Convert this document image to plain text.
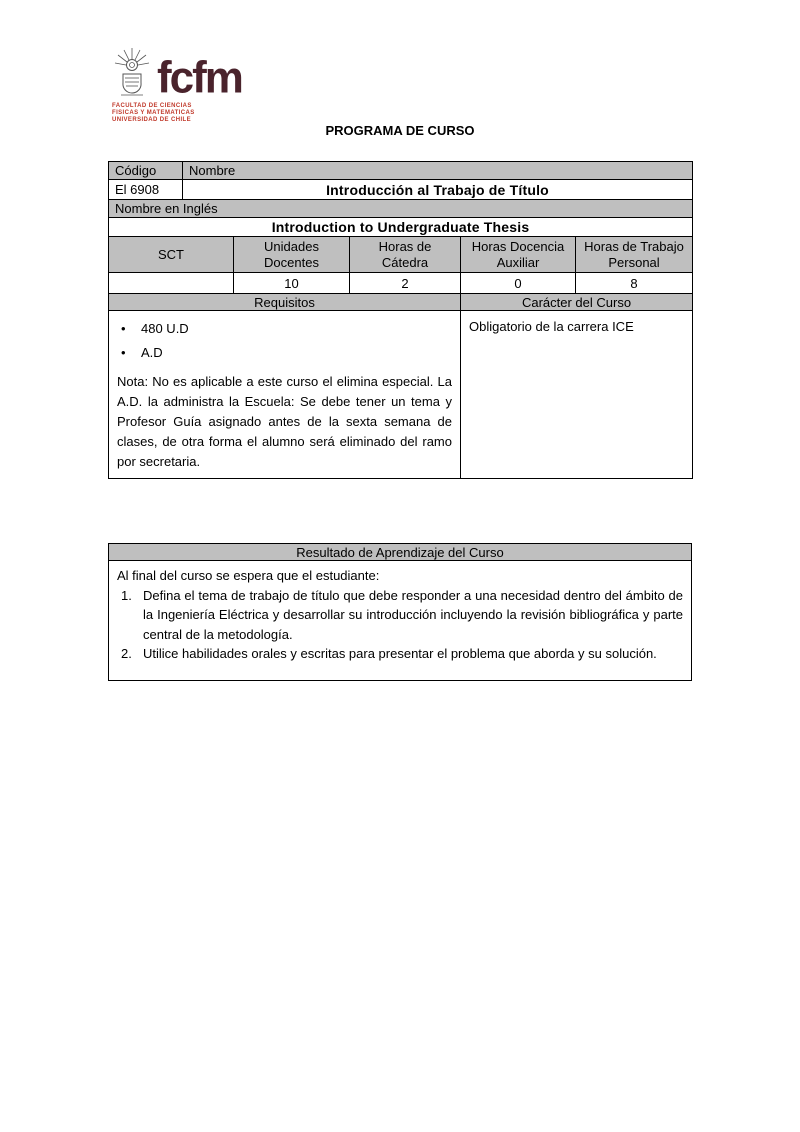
fcfm
FACULTAD DE CIENCIAS
FISICAS Y MATEMATICAS
UNIVERSIDAD DE CHILE
PROGRAMA DE CURSO
Código	Nombre				
El 6908	Introducción al Trabajo de Título				
Nombre en Inglés					
Introduction to Undergraduate Thesis					
SCT		Unidades Docentes	Horas de Cátedra	Horas Docencia Auxiliar	Horas de Trabajo Personal
		10	2	0	8
Requisitos				Carácter del Curso	

• 480 U.D
• A.D

Nota: No es aplicable a este curso el elimina especial. La A.D. la administra la Escuela: Se debe tener un tema y Profesor Guía asignado antes de la sexta semana de clases, de otra forma el alumno será eliminado del ramo por secretaria.				Obligatorio de la carrera ICE	
Resultado de Aprendizaje del Curso

Al final del curso se espera que el estudiante:
1. Defina el tema de trabajo de título que debe responder a una necesidad dentro del ámbito de la Ingeniería Eléctrica y desarrollar su introducción incluyendo la revisión bibliográfica y parte central de la metodología.
2. Utilice habilidades orales y escritas para presentar el problema que aborda y su solución.
